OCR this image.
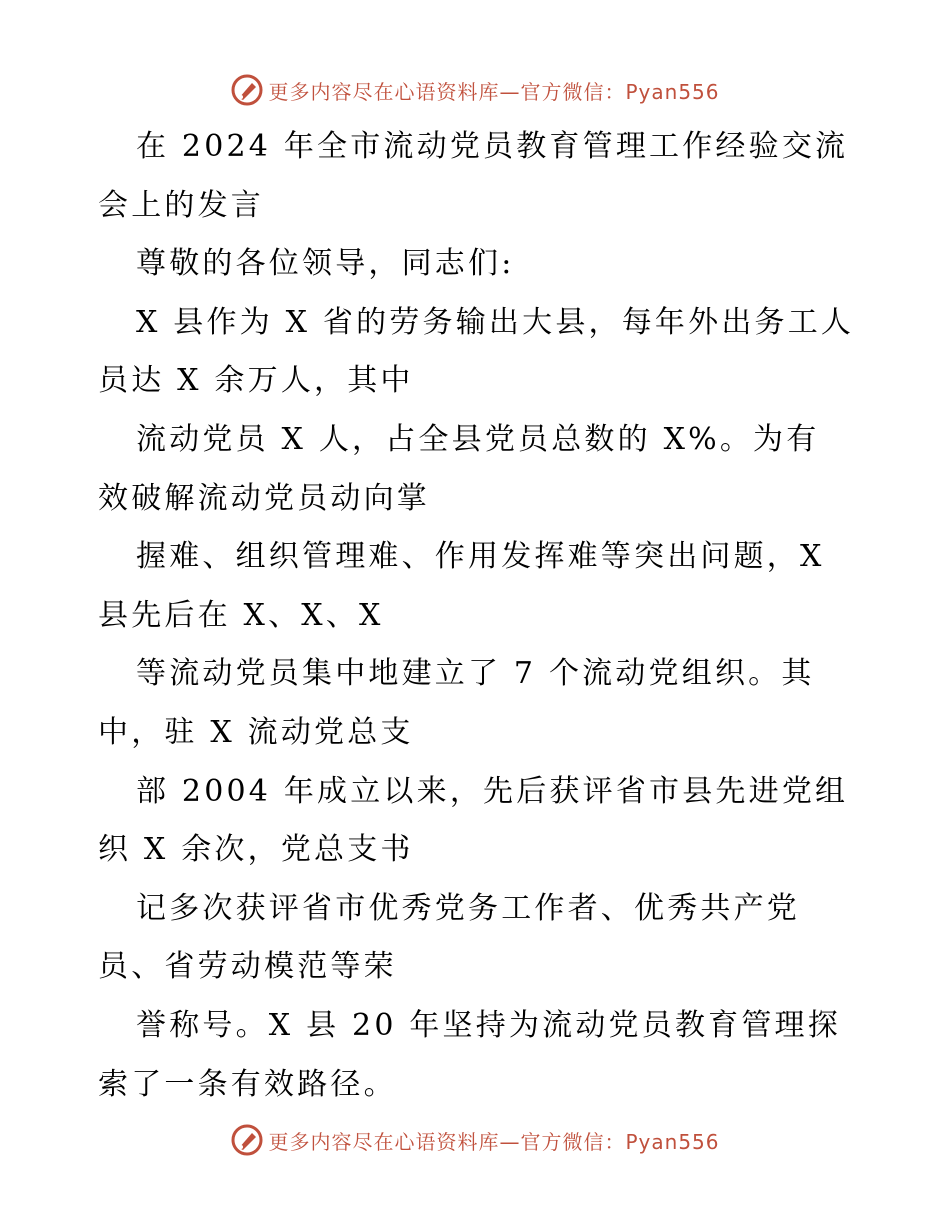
更多内容尽在心语资料库—官方微信：Pyan556
在 2024 年全市流动党员教育管理工作经验交流
会上的发言
尊敬的各位领导，同志们:
X 县作为 X 省的劳务输出大县，每年外出务工人
员达 X 余万人，其中
流动党员 X 人，占全县党员总数的 X%。为有
效破解流动党员动向掌
握难、组织管理难、作用发挥难等突出问题，X
县先后在 X、X、X
等流动党员集中地建立了 7 个流动党组织。其
中，驻 X 流动党总支
部 2004 年成立以来，先后获评省市县先进党组
织 X 余次，党总支书
记多次获评省市优秀党务工作者、优秀共产党
员、省劳动模范等荣
誉称号。X 县 20 年坚持为流动党员教育管理探
索了一条有效路径。
更多内容尽在心语资料库—官方微信：Pyan556
